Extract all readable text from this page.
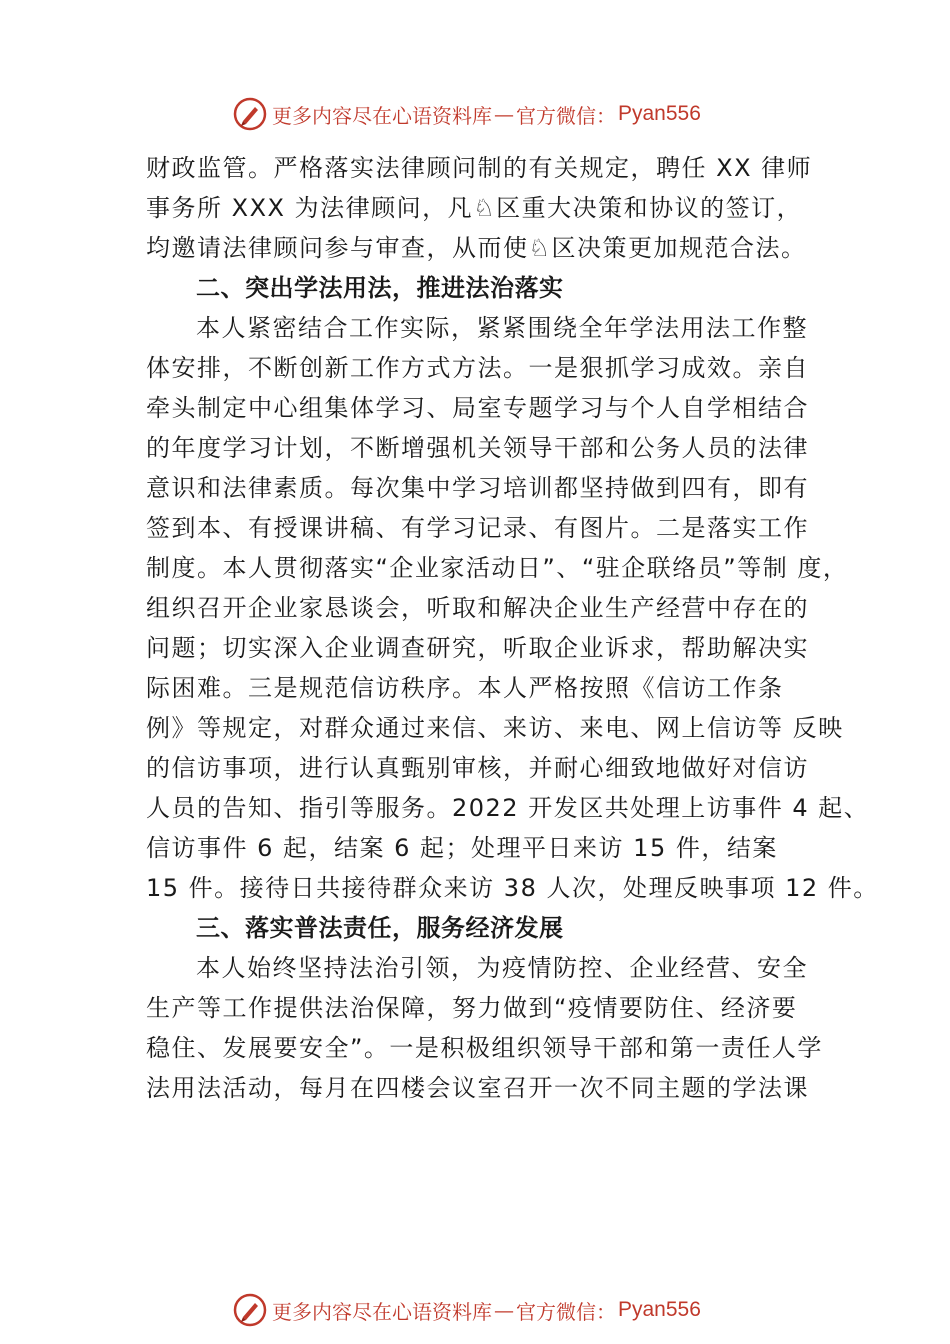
更多内容尽在心语资料库 — 官方微信： Pyan556
财政监管。严格落实法律顾问制的有关规定，聘任 XX 律师
事务所 XXX 为法律顾问，凡♘区重大决策和协议的签订，
均邀请法律顾问参与审查，从而使♘区决策更加规范合法。
二、突出学法用法，推进法治落实
本人紧密结合工作实际，紧紧围绕全年学法用法工作整
体安排，不断创新工作方式方法。一是狠抓学习成效。亲自
牵头制定中心组集体学习、局室专题学习与个人自学相结合
的年度学习计划，不断增强机关领导干部和公务人员的法律
意识和法律素质。每次集中学习培训都坚持做到四有，即有
签到本、有授课讲稿、有学习记录、有图片。二是落实工作
制度。本人贯彻落实“企业家活动日”、“驻企联络员”等制 度，
组织召开企业家恳谈会，听取和解决企业生产经营中存在的
问题；切实深入企业调查研究，听取企业诉求，帮助解决实
际困难。三是规范信访秩序。本人严格按照《信访工作条
例》等规定，对群众通过来信、来访、来电、网上信访等 反映
的信访事项，进行认真甄别审核，并耐心细致地做好对信访
人员的告知、指引等服务。2022 开发区共处理上访事件 4 起、
信访事件 6 起，结案 6 起；处理平日来访 15 件，结案
15 件。接待日共接待群众来访 38 人次，处理反映事项 12 件。
三、落实普法责任，服务经济发展
本人始终坚持法治引领，为疫情防控、企业经营、安全
生产等工作提供法治保障，努力做到“疫情要防住、经济要
稳住、发展要安全”。一是积极组织领导干部和第一责任人学
法用法活动，每月在四楼会议室召开一次不同主题的学法课
更多内容尽在心语资料库 — 官方微信： Pyan556
